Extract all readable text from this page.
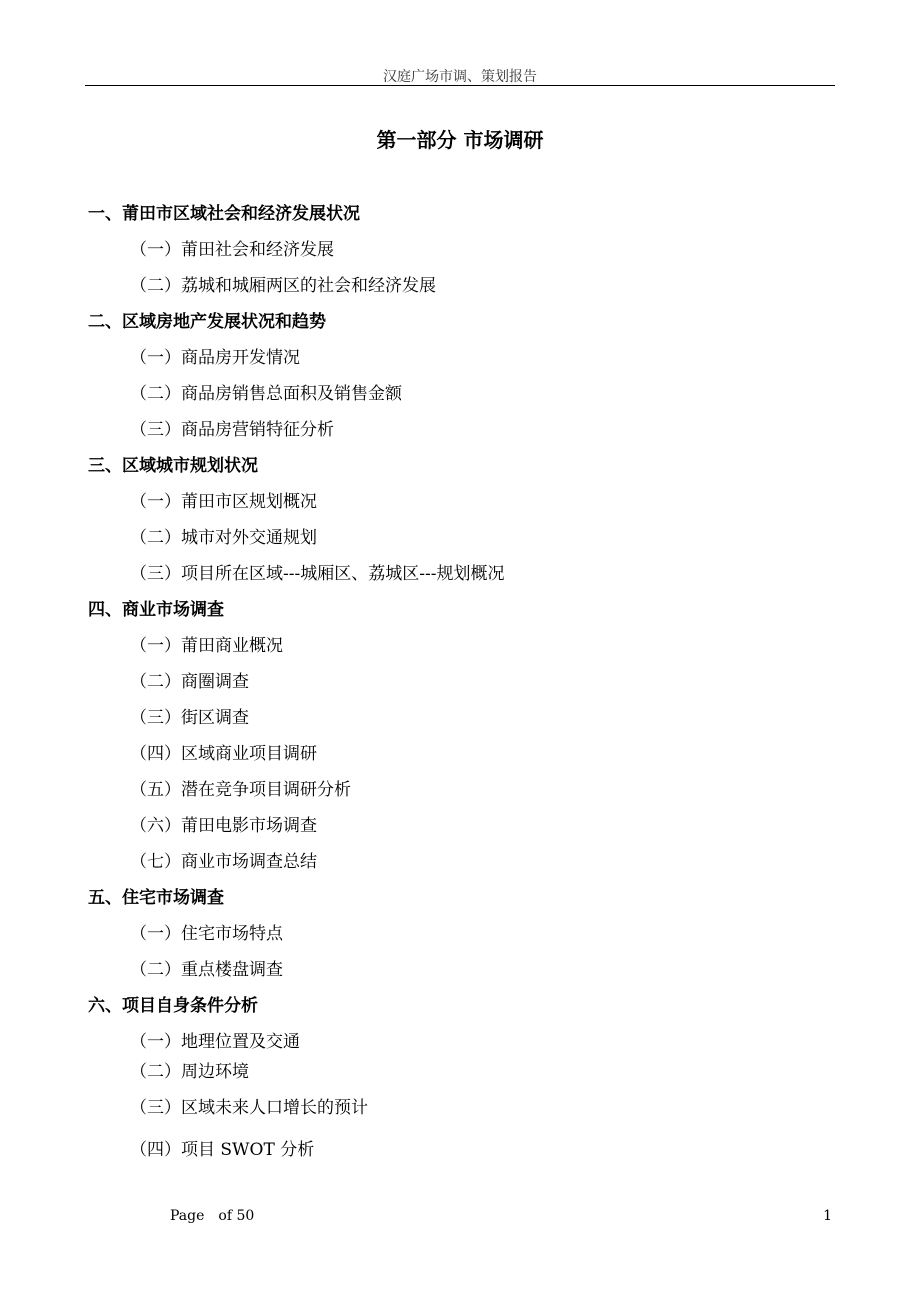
汉庭广场市调、策划报告
第一部分 市场调研
一、莆田市区域社会和经济发展状况
（一）莆田社会和经济发展
（二）荔城和城厢两区的社会和经济发展
二、区域房地产发展状况和趋势
（一）商品房开发情况
（二）商品房销售总面积及销售金额
（三）商品房营销特征分析
三、区域城市规划状况
（一）莆田市区规划概况
（二）城市对外交通规划
（三）项目所在区域---城厢区、荔城区---规划概况
四、商业市场调查
（一）莆田商业概况
（二）商圈调查
（三）街区调查
（四）区域商业项目调研
（五）潜在竞争项目调研分析
（六）莆田电影市场调查
（七）商业市场调查总结
五、住宅市场调查
（一）住宅市场特点
（二）重点楼盘调查
六、项目自身条件分析
（一）地理位置及交通
（二）周边环境
（三）区域未来人口增长的预计
（四）项目 SWOT 分析
Page of 50	1
